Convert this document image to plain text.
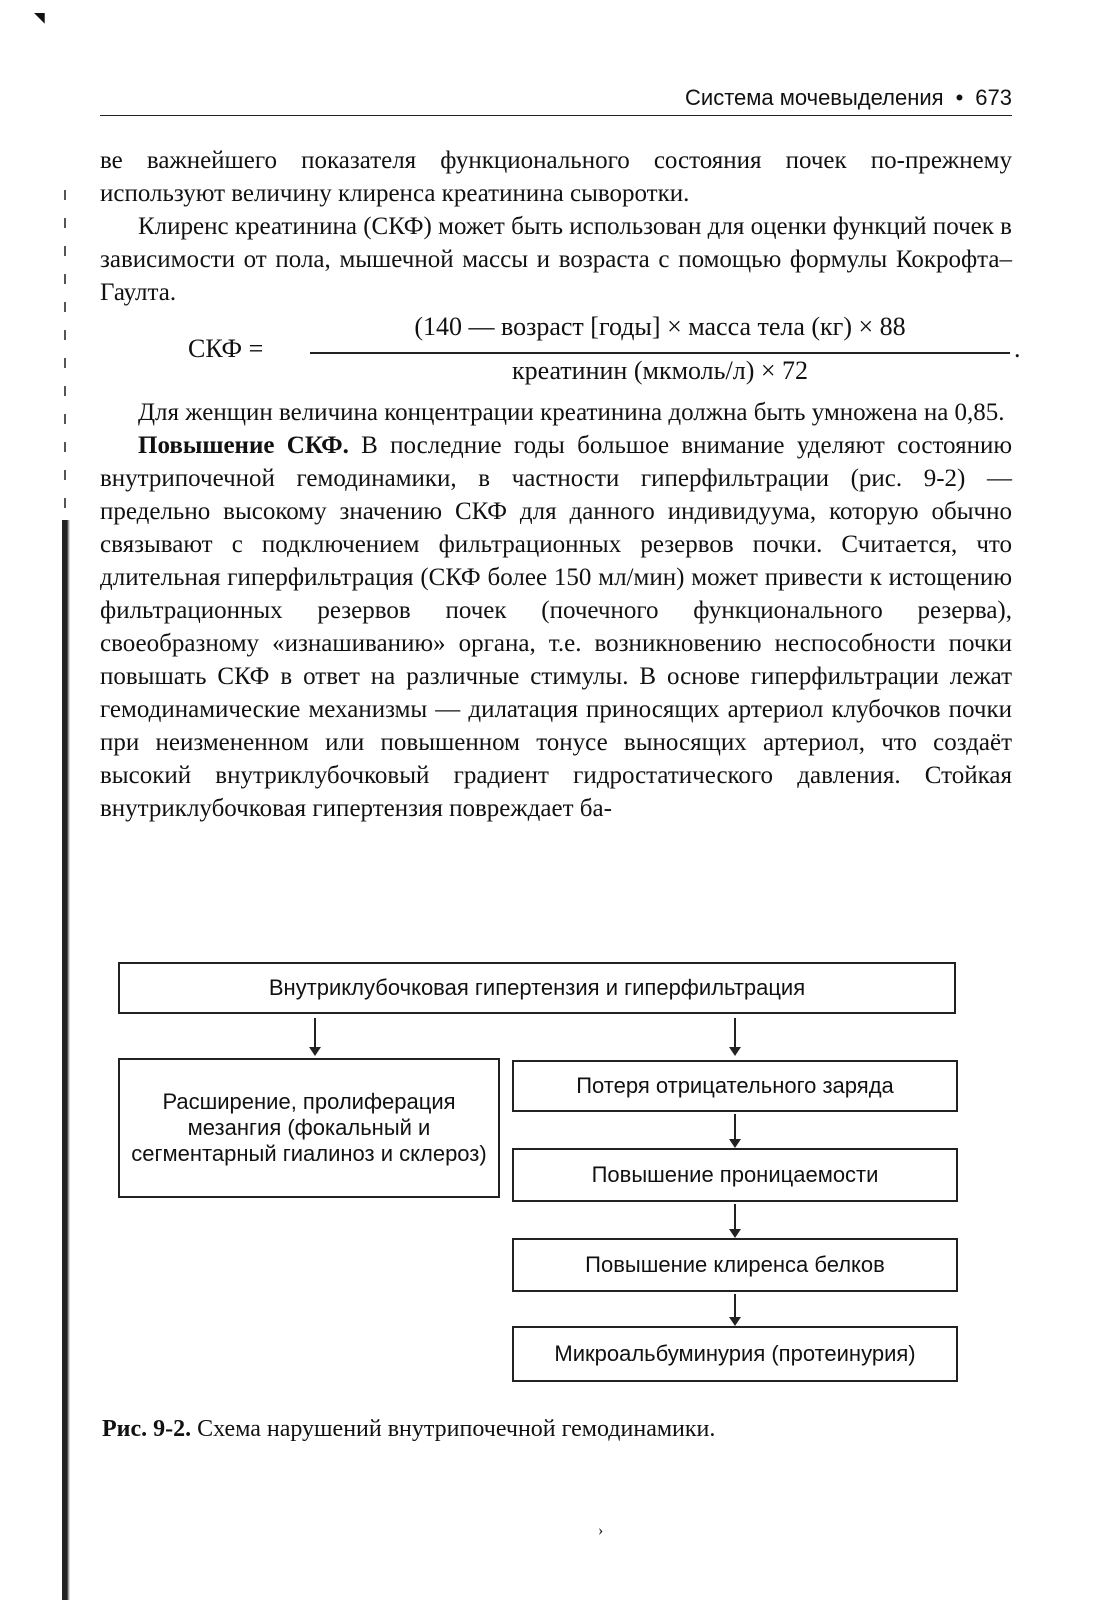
◥
›
Система мочевыделения • 673

ве важнейшего показателя функционального состояния почек по-прежнему используют величину клиренса креатинина сыворотки.

Клиренс креатинина (СКФ) может быть использован для оценки функций почек в зависимости от пола, мышечной массы и возраста с помощью формулы Кокрофта–Гаулта.

СКФ =
(140 — возраст [годы] × масса тела (кг) × 88
креатинин (мкмоль/л) × 72
.

Для женщин величина концентрации креатинина должна быть умножена на 0,85.

Повышение СКФ. В последние годы большое внимание уделяют состоянию внутрипочечной гемодинамики, в частности гиперфильтрации (рис. 9-2) — предельно высокому значению СКФ для данного индивидуума, которую обычно связывают с подключением фильтрационных резервов почки. Считается, что длительная гиперфильтрация (СКФ более 150 мл/мин) может привести к истощению фильтрационных резервов почек (почечного функционального резерва), своеобразному «изнашиванию» органа, т.е. возникновению неспособности почки повышать СКФ в ответ на различные стимулы. В основе гиперфильтрации лежат гемодинамические механизмы — дилатация приносящих артериол клубочков почки при неизмененном или повышенном тонусе выносящих артериол, что создаёт высокий внутриклубочковый градиент гидростатического давления. Стойкая внутриклубочковая гипертензия повреждает ба-

Внутриклубочковая гипертензия и гиперфильтрация
Расширение, пролиферация мезангия (фокальный и сегментарный гиалиноз и склероз)
Потеря отрицательного заряда
Повышение проницаемости
Повышение клиренса белков
Микроальбуминурия (протеинурия)
Рис. 9-2. Схема нарушений внутрипочечной гемодинамики.
